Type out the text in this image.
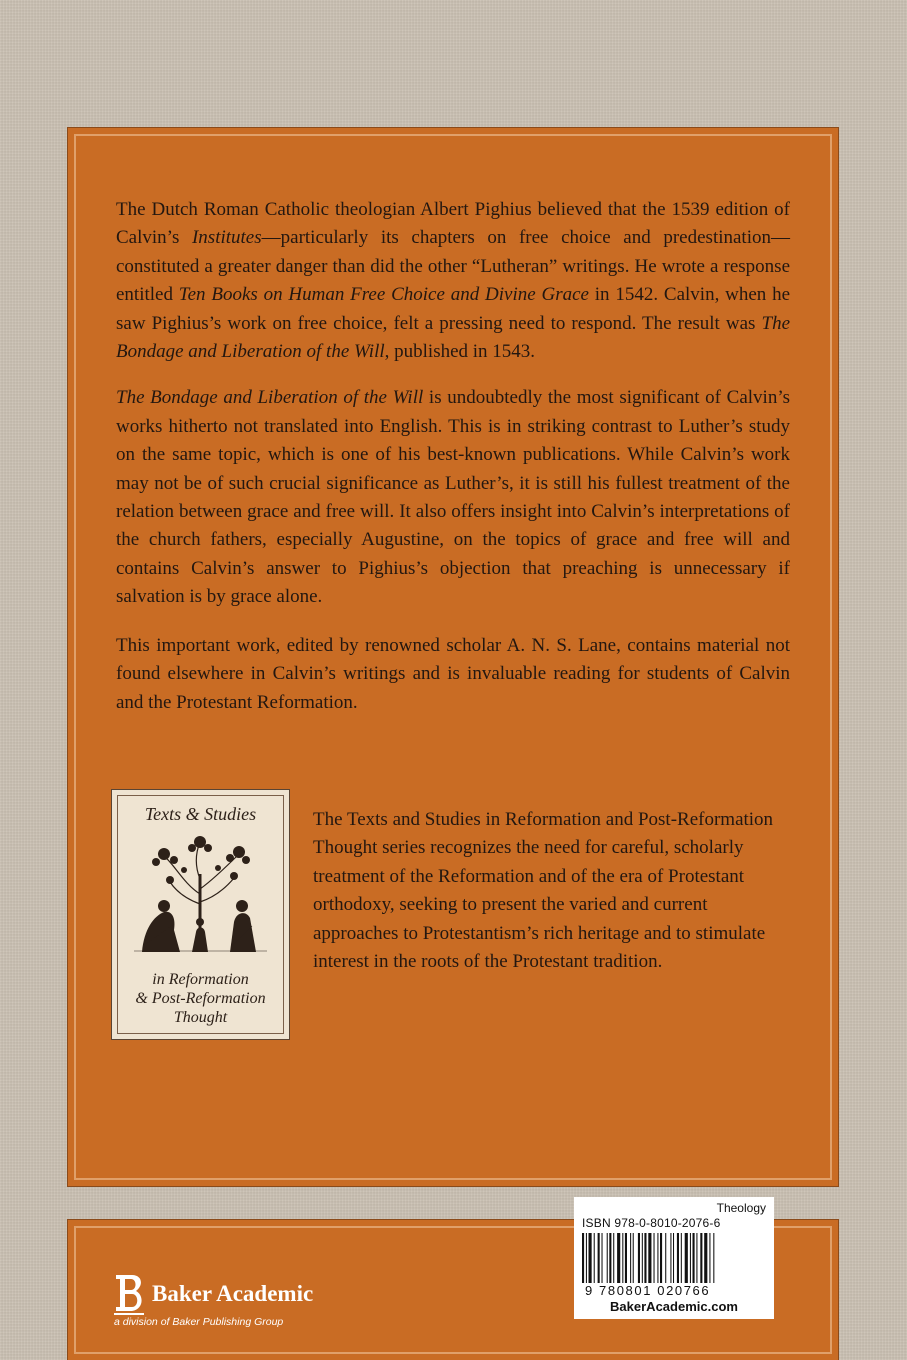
The Dutch Roman Catholic theologian Albert Pighius believed that the 1539 edition of Calvin’s Institutes—particularly its chapters on free choice and predestination—constituted a greater danger than did the other “Lutheran” writings. He wrote a response entitled Ten Books on Human Free Choice and Divine Grace in 1542. Calvin, when he saw Pighius’s work on free choice, felt a pressing need to respond. The result was The Bondage and Liberation of the Will, published in 1543.

The Bondage and Liberation of the Will is undoubtedly the most significant of Calvin’s works hitherto not translated into English. This is in striking contrast to Luther’s study on the same topic, which is one of his best-known publications. While Calvin’s work may not be of such crucial significance as Luther’s, it is still his fullest treatment of the relation between grace and free will. It also offers insight into Calvin’s interpretations of the church fathers, especially Augustine, on the topics of grace and free will and contains Calvin’s answer to Pighius’s objection that preaching is unnecessary if salvation is by grace alone.

This important work, edited by renowned scholar A. N. S. Lane, contains material not found elsewhere in Calvin’s writings and is invaluable reading for students of Calvin and the Protestant Reformation.

Texts & Studies
in Reformation
& Post-Reformation
Thought
The Texts and Studies in Reformation and Post-Reformation Thought series recognizes the need for careful, scholarly treatment of the Reformation and of the era of Protestant orthodoxy, seeking to present the varied and current approaches to Protestantism’s rich heritage and to stimulate interest in the roots of the Protestant tradition.
Theology
ISBN 978-0-8010-2076-6
9 780801 020766
BakerAcademic.com
Baker Academic
a division of Baker Publishing Group
